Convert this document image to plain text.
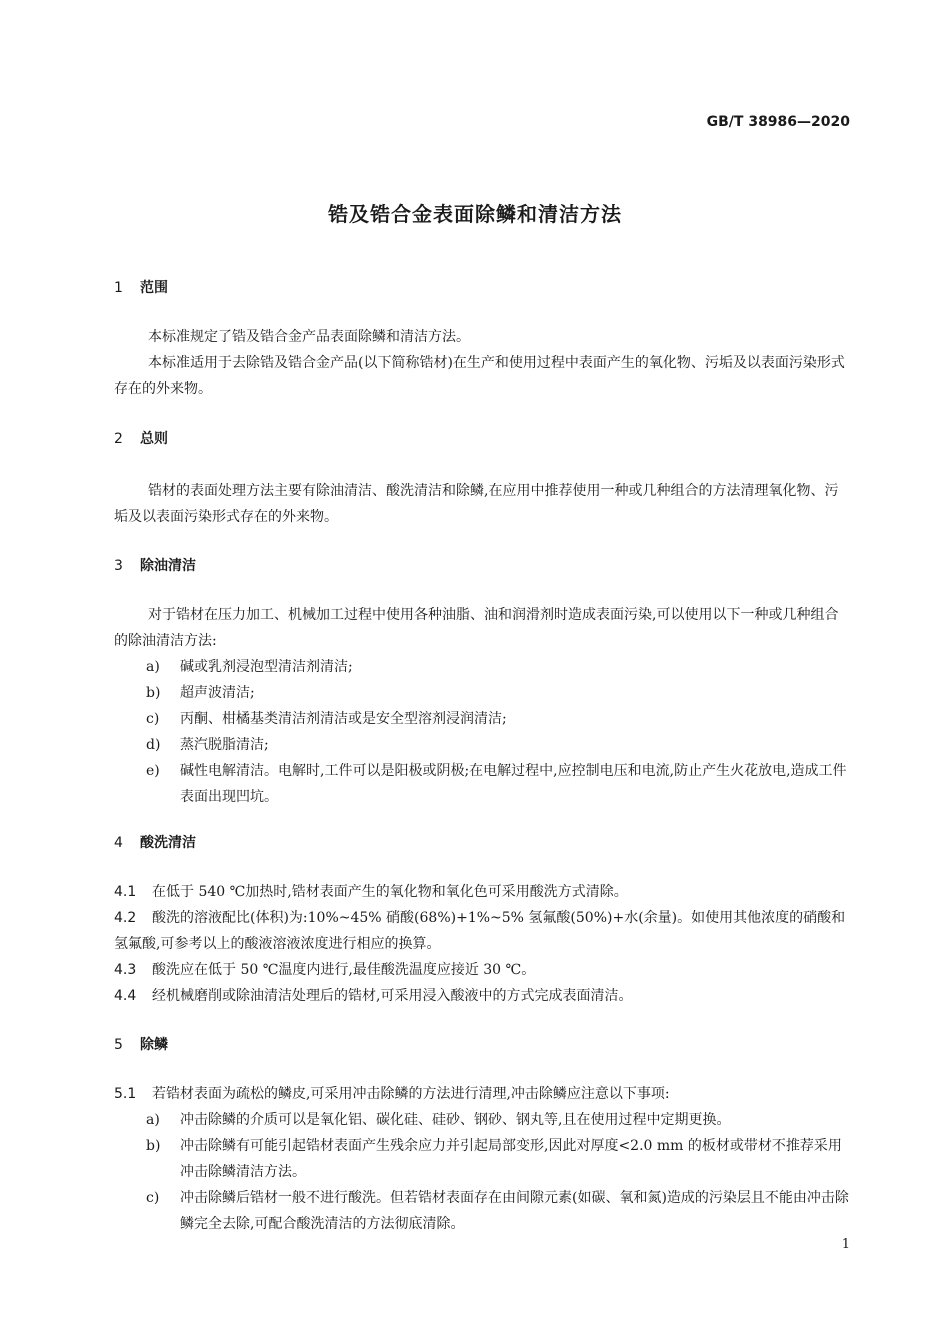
GB/T 38986—2020
锆及锆合金表面除鳞和清洁方法
1 范围
本标准规定了锆及锆合金产品表面除鳞和清洁方法。
本标准适用于去除锆及锆合金产品(以下简称锆材)在生产和使用过程中表面产生的氧化物、污垢及以表面污染形式存在的外来物。
2 总则
锆材的表面处理方法主要有除油清洁、酸洗清洁和除鳞,在应用中推荐使用一种或几种组合的方法清理氧化物、污垢及以表面污染形式存在的外来物。
3 除油清洁
对于锆材在压力加工、机械加工过程中使用各种油脂、油和润滑剂时造成表面污染,可以使用以下一种或几种组合的除油清洁方法:
a)	碱或乳剂浸泡型清洁剂清洁;
b)	超声波清洁;
c)	丙酮、柑橘基类清洁剂清洁或是安全型溶剂浸润清洁;
d)	蒸汽脱脂清洁;
e)	碱性电解清洁。电解时,工件可以是阳极或阴极;在电解过程中,应控制电压和电流,防止产生火花放电,造成工件表面出现凹坑。
4 酸洗清洁
4.1 在低于 540 ℃加热时,锆材表面产生的氧化物和氧化色可采用酸洗方式清除。
4.2 酸洗的溶液配比(体积)为:10%~45% 硝酸(68%)+1%~5% 氢氟酸(50%)+水(余量)。如使用其他浓度的硝酸和氢氟酸,可参考以上的酸液溶液浓度进行相应的换算。
4.3 酸洗应在低于 50 ℃温度内进行,最佳酸洗温度应接近 30 ℃。
4.4 经机械磨削或除油清洁处理后的锆材,可采用浸入酸液中的方式完成表面清洁。
5 除鳞
5.1 若锆材表面为疏松的鳞皮,可采用冲击除鳞的方法进行清理,冲击除鳞应注意以下事项:
a)	冲击除鳞的介质可以是氧化铝、碳化硅、硅砂、钢砂、钢丸等,且在使用过程中定期更换。
b)	冲击除鳞有可能引起锆材表面产生残余应力并引起局部变形,因此对厚度<2.0 mm 的板材或带材不推荐采用冲击除鳞清洁方法。
c)	冲击除鳞后锆材一般不进行酸洗。但若锆材表面存在由间隙元素(如碳、氧和氮)造成的污染层且不能由冲击除鳞完全去除,可配合酸洗清洁的方法彻底清除。
1
